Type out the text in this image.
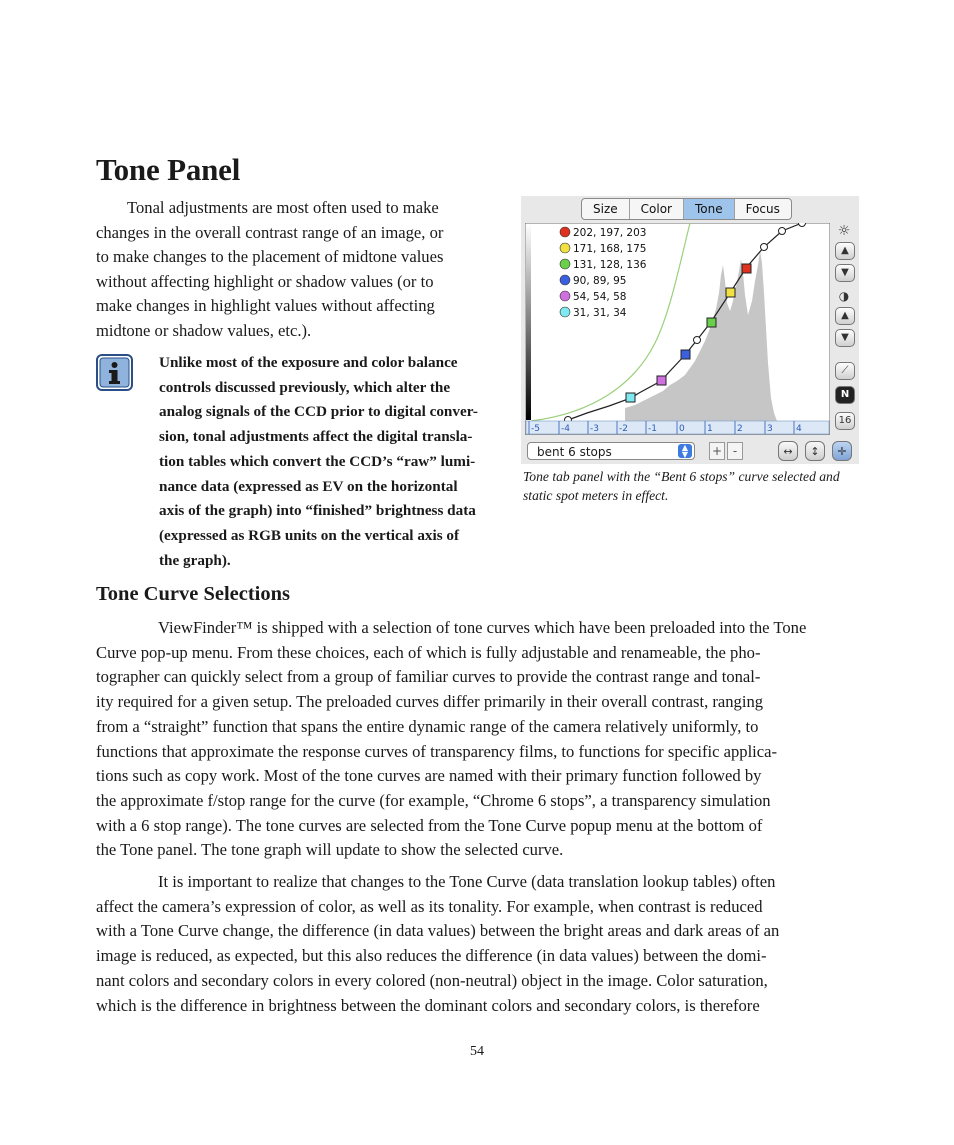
Tone Panel

Tonal adjustments are most often used to make
changes in the overall contrast range of an image, or
to make changes to the placement of midtone values
without affecting highlight or shadow values (or to
make changes in highlight values without affecting
midtone or shadow values, etc.).

Unlike most of the exposure and color balance
controls discussed previously, which alter the
analog signals of the CCD prior to digital conver-
sion, tonal adjustments affect the digital transla-
tion tables which convert the CCD’s “raw” lumi-
nance data (expressed as EV on the horizontal
axis of the graph) into “finished” brightness data
(expressed as RGB units on the vertical axis of
the graph).

Size	Color	Tone	Focus
202, 197, 203
171, 168, 175
131, 128, 136
90, 89, 95
54, 54, 58
31, 31, 34
-5 -4 -3 -2 -1 0 1	2	3	4
☼
▲
▼
◑
▲
▼
⟋
N
16
bent 6 stops	▲
▼	+ -	↔	↕	✛

Tone tab panel with the “Bent 6 stops” curve selected and
static spot meters in effect.

Tone Curve Selections

ViewFinder™ is shipped with a selection of tone curves which have been preloaded into the Tone
Curve pop-up menu. From these choices, each of which is fully adjustable and renameable, the pho-
tographer can quickly select from a group of familiar curves to provide the contrast range and tonal-
ity required for a given setup. The preloaded curves differ primarily in their overall contrast, ranging
from a “straight” function that spans the entire dynamic range of the camera relatively uniformly, to
functions that approximate the response curves of transparency films, to functions for specific applica-
tions such as copy work. Most of the tone curves are named with their primary function followed by
the approximate f/stop range for the curve (for example, “Chrome 6 stops”, a transparency simulation
with a 6 stop range). The tone curves are selected from the Tone Curve popup menu at the bottom of
the Tone panel. The tone graph will update to show the selected curve.

It is important to realize that changes to the Tone Curve (data translation lookup tables) often
affect the camera’s expression of color, as well as its tonality. For example, when contrast is reduced
with a Tone Curve change, the difference (in data values) between the bright areas and dark areas of an
image is reduced, as expected, but this also reduces the difference (in data values) between the domi-
nant colors and secondary colors in every colored (non-neutral) object in the image. Color saturation,
which is the difference in brightness between the dominant colors and secondary colors, is therefore

54
